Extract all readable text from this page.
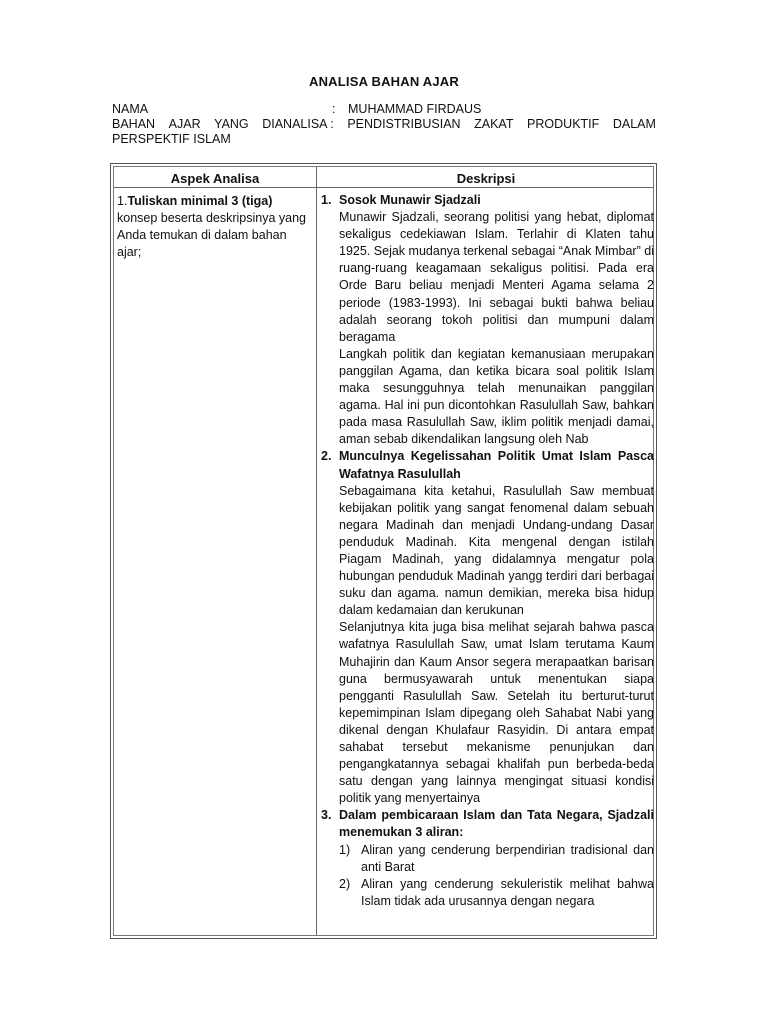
ANALISA BAHAN AJAR
NAMA	: MUHAMMAD FIRDAUS
BAHAN AJAR YANG DIANALISA : PENDISTRIBUSIAN ZAKAT PRODUKTIF DALAM
PERSPEKTIF ISLAM
Aspek Analisa	Deskripsi
1.Tuliskan minimal 3 (tiga) konsep beserta deskripsinya yang Anda temukan di dalam bahan ajar;
1. Sosok Munawir Sjadzali
Munawir Sjadzali, seorang politisi yang hebat, diplomat sekaligus cedekiawan Islam. Terlahir di Klaten tahu 1925. Sejak mudanya terkenal sebagai “Anak Mimbar” di ruang-ruang keagamaan sekaligus politisi. Pada era Orde Baru beliau menjadi Menteri Agama selama 2 periode (1983-1993). Ini sebagai bukti bahwa beliau adalah seorang tokoh politisi dan mumpuni dalam beragama
Langkah politik dan kegiatan kemanusiaan merupakan panggilan Agama, dan ketika bicara soal politik Islam maka sesungguhnya telah menunaikan panggilan agama. Hal ini pun dicontohkan Rasulullah Saw, bahkan pada masa Rasulullah Saw, iklim politik menjadi damai, aman sebab dikendalikan langsung oleh Nab
2. Munculnya Kegelissahan Politik Umat Islam Pasca Wafatnya Rasulullah
Sebagaimana kita ketahui, Rasulullah Saw membuat kebijakan politik yang sangat fenomenal dalam sebuah negara Madinah dan menjadi Undang-undang Dasar penduduk Madinah. Kita mengenal dengan istilah Piagam Madinah, yang didalamnya mengatur pola hubungan penduduk Madinah yangg terdiri dari berbagai suku dan agama. namun demikian, mereka bisa hidup dalam kedamaian dan kerukunan
Selanjutnya kita juga bisa melihat sejarah bahwa pasca wafatnya Rasulullah Saw, umat Islam terutama Kaum Muhajirin dan Kaum Ansor segera merapaatkan barisan guna bermusyawarah untuk menentukan siapa pengganti Rasulullah Saw. Setelah itu berturut-turut kepemimpinan Islam dipegang oleh Sahabat Nabi yang dikenal dengan Khulafaur Rasyidin. Di antara empat sahabat tersebut mekanisme penunjukan dan pengangkatannya sebagai khalifah pun berbeda-beda satu dengan yang lainnya mengingat situasi kondisi politik yang menyertainya
3. Dalam pembicaraan Islam dan Tata Negara, Sjadzali menemukan 3 aliran:
1) Aliran yang cenderung berpendirian tradisional dan anti Barat
2) Aliran yang cenderung sekuleristik melihat bahwa Islam tidak ada urusannya dengan negara
